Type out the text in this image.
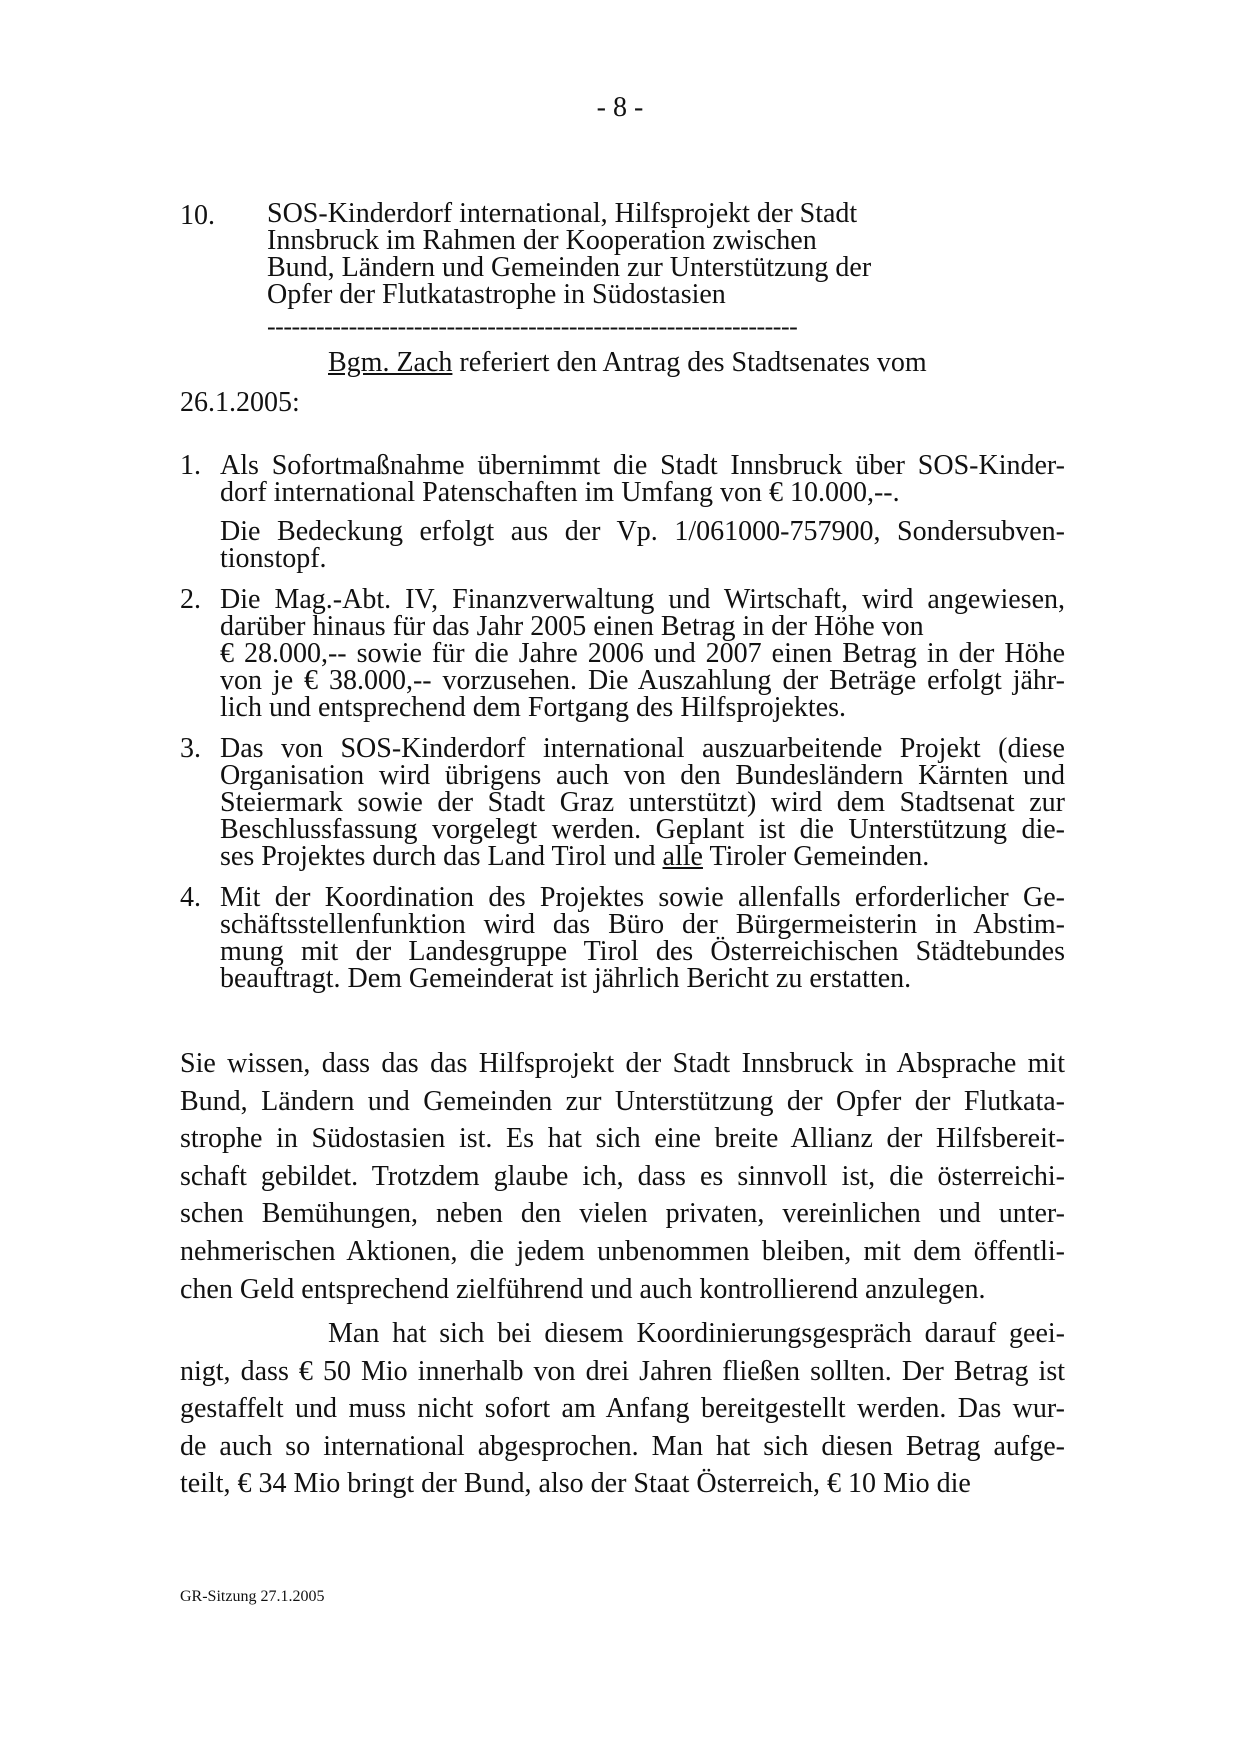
- 8 -
10. SOS-Kinderdorf international, Hilfsprojekt der Stadt
Innsbruck im Rahmen der Kooperation zwischen
Bund, Ländern und Gemeinden zur Unterstützung der
Opfer der Flutkatastrophe in Südostasien
-----------------------------------------------------------------
Bgm. Zach referiert den Antrag des Stadtsenates vom
26.1.2005:
1. Als Sofortmaßnahme übernimmt die Stadt Innsbruck über SOS-Kinder-
dorf international Patenschaften im Umfang von € 10.000,--.
Die Bedeckung erfolgt aus der Vp. 1/061000-757900, Sondersubven-
tionstopf.
2. Die Mag.-Abt. IV, Finanzverwaltung und Wirtschaft, wird angewiesen,
darüber hinaus für das Jahr 2005 einen Betrag in der Höhe von
€ 28.000,-- sowie für die Jahre 2006 und 2007 einen Betrag in der Höhe
von je € 38.000,-- vorzusehen. Die Auszahlung der Beträge erfolgt jähr-
lich und entsprechend dem Fortgang des Hilfsprojektes.
3. Das von SOS-Kinderdorf international auszuarbeitende Projekt (diese
Organisation wird übrigens auch von den Bundesländern Kärnten und
Steiermark sowie der Stadt Graz unterstützt) wird dem Stadtsenat zur
Beschlussfassung vorgelegt werden. Geplant ist die Unterstützung die-
ses Projektes durch das Land Tirol und alle Tiroler Gemeinden.
4. Mit der Koordination des Projektes sowie allenfalls erforderlicher Ge-
schäftsstellenfunktion wird das Büro der Bürgermeisterin in Abstim-
mung mit der Landesgruppe Tirol des Österreichischen Städtebundes
beauftragt. Dem Gemeinderat ist jährlich Bericht zu erstatten.
Sie wissen, dass das das Hilfsprojekt der Stadt Innsbruck in Absprache mit
Bund, Ländern und Gemeinden zur Unterstützung der Opfer der Flutkata-
strophe in Südostasien ist. Es hat sich eine breite Allianz der Hilfsbereit-
schaft gebildet. Trotzdem glaube ich, dass es sinnvoll ist, die österreichi-
schen Bemühungen, neben den vielen privaten, vereinlichen und unter-
nehmerischen Aktionen, die jedem unbenommen bleiben, mit dem öffentli-
chen Geld entsprechend zielführend und auch kontrollierend anzulegen.
Man hat sich bei diesem Koordinierungsgespräch darauf geei-
nigt, dass € 50 Mio innerhalb von drei Jahren fließen sollten. Der Betrag ist
gestaffelt und muss nicht sofort am Anfang bereitgestellt werden. Das wur-
de auch so international abgesprochen. Man hat sich diesen Betrag aufge-
teilt, € 34 Mio bringt der Bund, also der Staat Österreich, € 10 Mio die
GR-Sitzung 27.1.2005
